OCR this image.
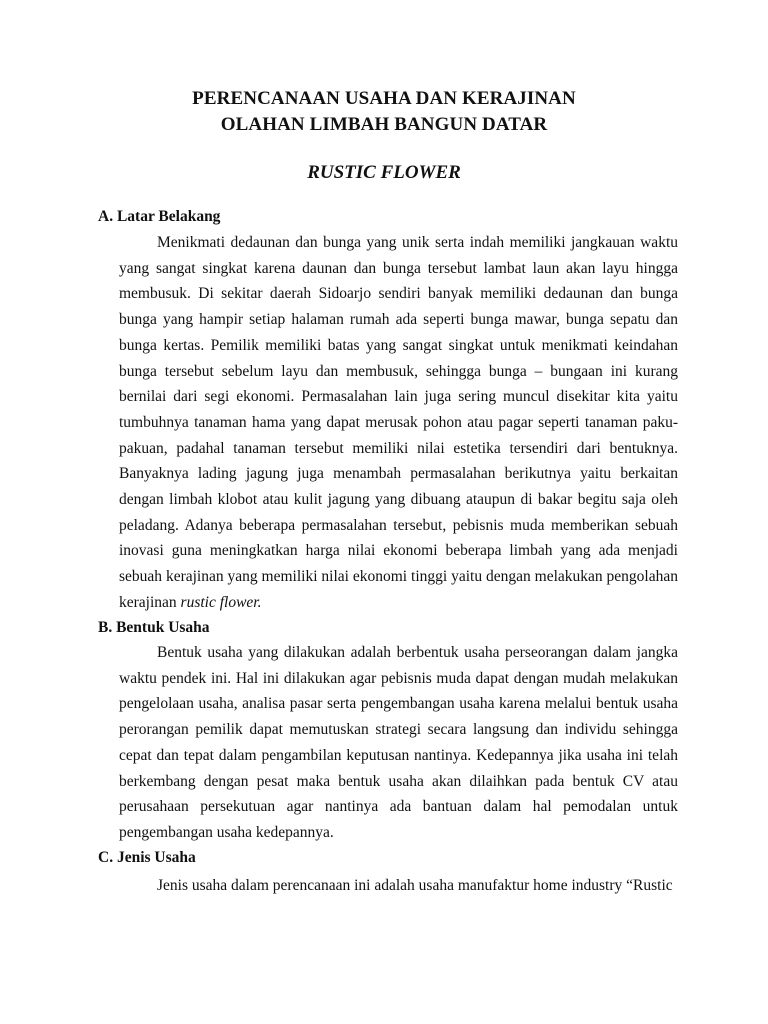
PERENCANAAN USAHA DAN KERAJINAN
OLAHAN LIMBAH BANGUN DATAR
RUSTIC FLOWER
A. Latar Belakang

Menikmati dedaunan dan bunga yang unik serta indah memiliki jangkauan waktu yang sangat singkat karena daunan dan bunga tersebut lambat laun akan layu hingga membusuk. Di sekitar daerah Sidoarjo sendiri banyak memiliki dedaunan dan bunga bunga yang hampir setiap halaman rumah ada seperti bunga mawar, bunga sepatu dan bunga kertas. Pemilik memiliki batas yang sangat singkat untuk menikmati keindahan bunga tersebut sebelum layu dan membusuk, sehingga bunga – bungaan ini kurang bernilai dari segi ekonomi. Permasalahan lain juga sering muncul disekitar kita yaitu tumbuhnya tanaman hama yang dapat merusak pohon atau pagar seperti tanaman paku-pakuan, padahal tanaman tersebut memiliki nilai estetika tersendiri dari bentuknya. Banyaknya lading jagung juga menambah permasalahan berikutnya yaitu berkaitan dengan limbah klobot atau kulit jagung yang dibuang ataupun di bakar begitu saja oleh peladang. Adanya beberapa permasalahan tersebut, pebisnis muda memberikan sebuah inovasi guna meningkatkan harga nilai ekonomi beberapa limbah yang ada menjadi sebuah kerajinan yang memiliki nilai ekonomi tinggi yaitu dengan melakukan pengolahan kerajinan rustic flower.

B. Bentuk Usaha

Bentuk usaha yang dilakukan adalah berbentuk usaha perseorangan dalam jangka waktu pendek ini. Hal ini dilakukan agar pebisnis muda dapat dengan mudah melakukan pengelolaan usaha, analisa pasar serta pengembangan usaha karena melalui bentuk usaha perorangan pemilik dapat memutuskan strategi secara langsung dan individu sehingga cepat dan tepat dalam pengambilan keputusan nantinya. Kedepannya jika usaha ini telah berkembang dengan pesat maka bentuk usaha akan dilaihkan pada bentuk CV atau perusahaan persekutuan agar nantinya ada bantuan dalam hal pemodalan untuk pengembangan usaha kedepannya.

C. Jenis Usaha

Jenis usaha dalam perencanaan ini adalah usaha manufaktur home industry “Rustic
